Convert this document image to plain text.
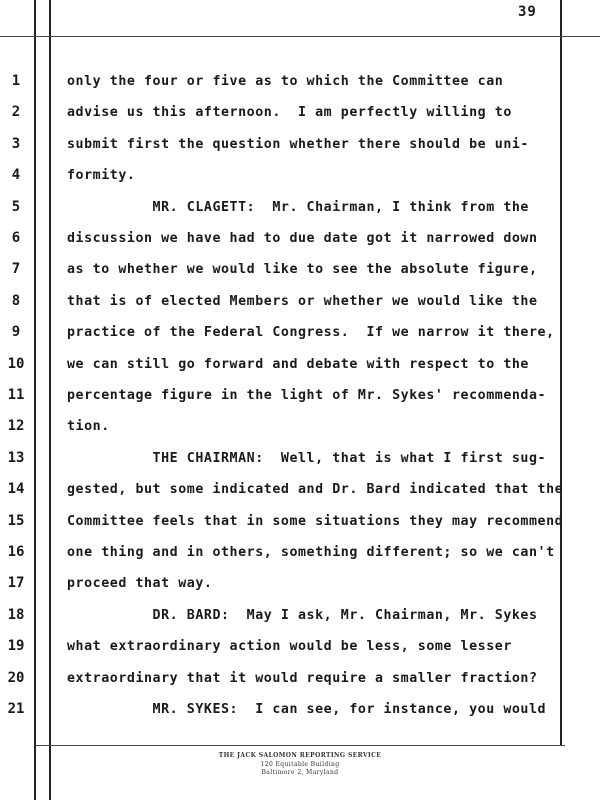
39
1	only the four or five as to which the Committee can
2	advise us this afternoon.  I am perfectly willing to
3	submit first the question whether there should be uni-
4	formity.
5	MR. CLAGETT:  Mr. Chairman, I think from the
6	discussion we have had to due date got it narrowed down
7	as to whether we would like to see the absolute figure,
8	that is of elected Members or whether we would like the
9	practice of the Federal Congress.  If we narrow it there,
10	we can still go forward and debate with respect to the
11	percentage figure in the light of Mr. Sykes' recommenda-
12	tion.
13	THE CHAIRMAN:  Well, that is what I first sug-
14	gested, but some indicated and Dr. Bard indicated that the
15	Committee feels that in some situations they may recommend
16	one thing and in others, something different; so we can't
17	proceed that way.
18	DR. BARD:  May I ask, Mr. Chairman, Mr. Sykes
19	what extraordinary action would be less, some lesser
20	extraordinary that it would require a smaller fraction?
21	MR. SYKES:  I can see, for instance, you would
THE JACK SALOMON REPORTING SERVICE
120 Equitable Building
Baltimore 2, Maryland
